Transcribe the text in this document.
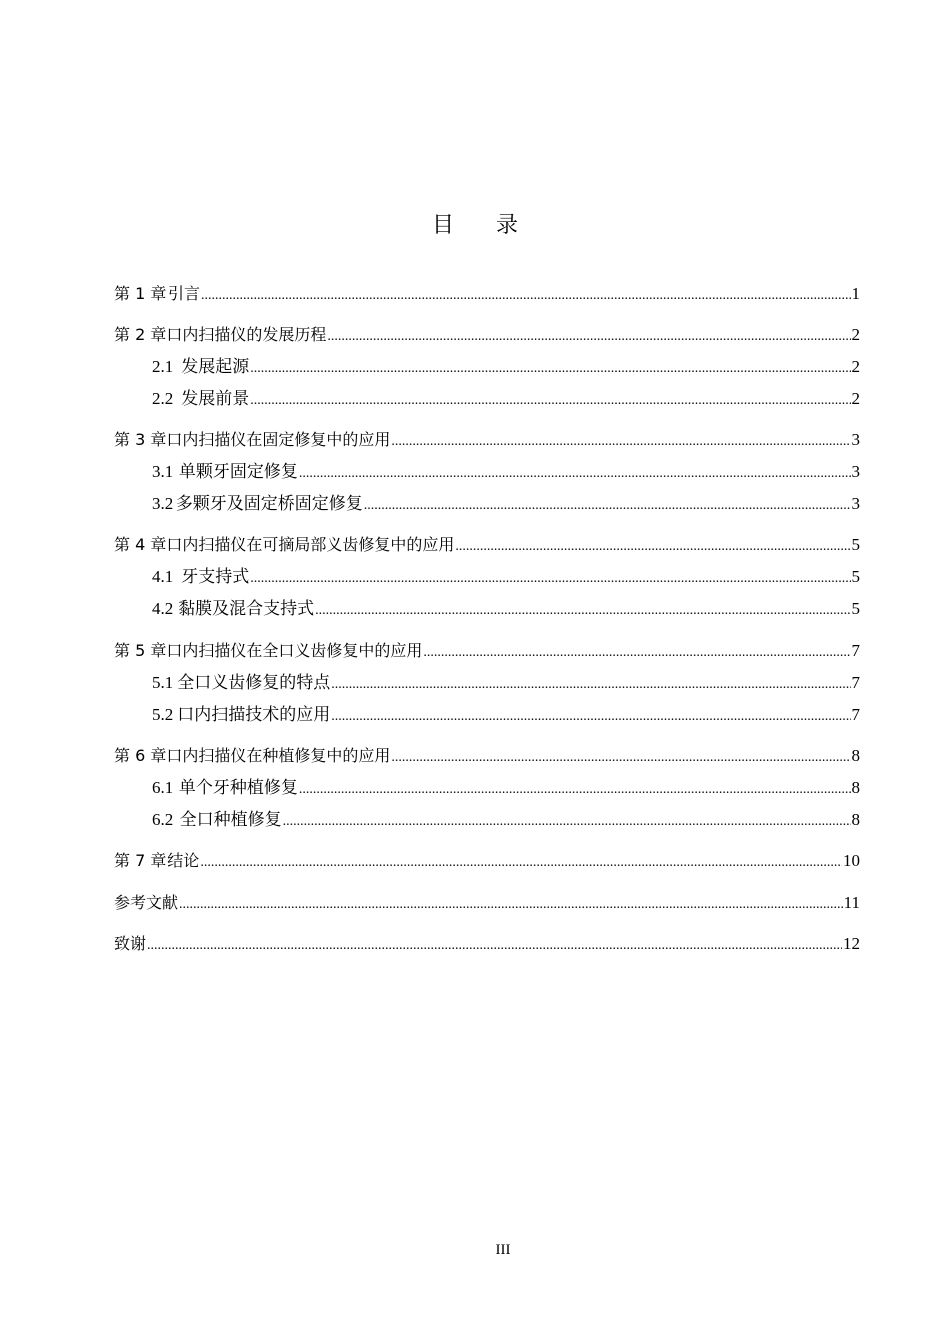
目 录
第 1 章 引言 .....	1
第 2 章 口内扫描仪的发展历程 .....	2
2.1 发展起源 .....	2
2.2 发展前景 .....	2
第 3 章 口内扫描仪在固定修复中的应用 .....	3
3.1 单颗牙固定修复 .....	3
3.2 多颗牙及固定桥固定修复 .....	3
第 4 章 口内扫描仪在可摘局部义齿修复中的应用 .....	5
4.1 牙支持式 .....	5
4.2 黏膜及混合支持式 .....	5
第 5 章 口内扫描仪在全口义齿修复中的应用 .....	7
5.1 全口义齿修复的特点 .....	7
5.2 口内扫描技术的应用 .....	7
第 6 章 口内扫描仪在种植修复中的应用 .....	8
6.1 单个牙种植修复 .....	8
6.2 全口种植修复 .....	8
第 7 章 结论 .....	10
参考文献 .....	11
致谢 .....	12
III
